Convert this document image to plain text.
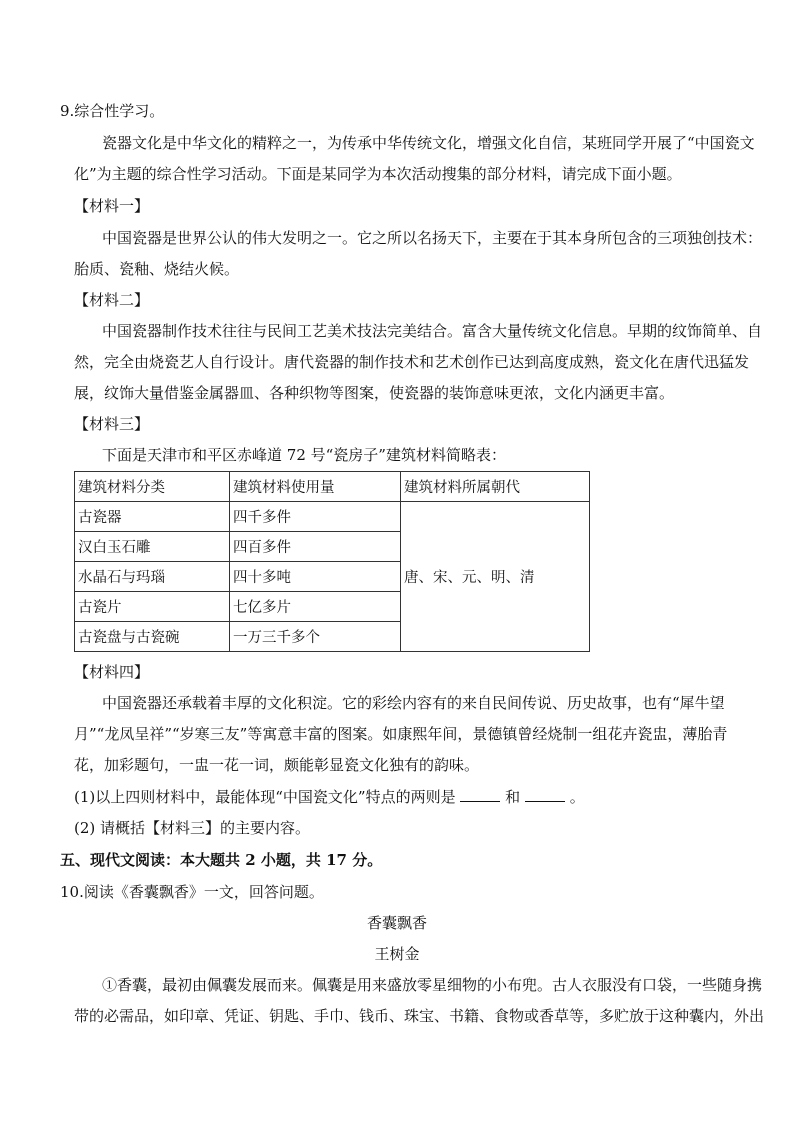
9.综合性学习。
瓷器文化是中华文化的精粹之一，为传承中华传统文化，增强文化自信，某班同学开展了“中国瓷文
化”为主题的综合性学习活动。下面是某同学为本次活动搜集的部分材料，请完成下面小题。
【材料一】
中国瓷器是世界公认的伟大发明之一。它之所以名扬天下，主要在于其本身所包含的三项独创技术：
胎质、瓷釉、烧结火候。
【材料二】
中国瓷器制作技术往往与民间工艺美术技法完美结合。富含大量传统文化信息。早期的纹饰简单、自
然，完全由烧瓷艺人自行设计。唐代瓷器的制作技术和艺术创作已达到高度成熟，瓷文化在唐代迅猛发
展，纹饰大量借鉴金属器皿、各种织物等图案，使瓷器的装饰意味更浓，文化内涵更丰富。
【材料三】
下面是天津市和平区赤峰道 72 号“瓷房子”建筑材料简略表：
建筑材料分类	建筑材料使用量	建筑材料所属朝代
古瓷器	四千多件	唐、宋、元、明、清
汉白玉石雕	四百多件	
水晶石与玛瑙	四十多吨	
古瓷片	七亿多片	
古瓷盘与古瓷碗	一万三千多个	
【材料四】
中国瓷器还承载着丰厚的文化积淀。它的彩绘内容有的来自民间传说、历史故事，也有“犀牛望
月”“龙凤呈祥”“岁寒三友”等寓意丰富的图案。如康熙年间，景德镇曾经烧制一组花卉瓷盅，薄胎青
花，加彩题句，一盅一花一词，颇能彰显瓷文化独有的韵味。
(1)以上四则材料中，最能体现“中国瓷文化”特点的两则是	和	。
(2) 请概括【材料三】的主要内容。
五、现代文阅读：本大题共 2 小题，共 17 分。
10.阅读《香囊飘香》一文，回答问题。
香囊飘香
王树金
①香囊，最初由佩囊发展而来。佩囊是用来盛放零星细物的小布兜。古人衣服没有口袋，一些随身携
带的必需品，如印章、凭证、钥匙、手巾、钱币、珠宝、书籍、食物或香草等，多贮放于这种囊内，外出
